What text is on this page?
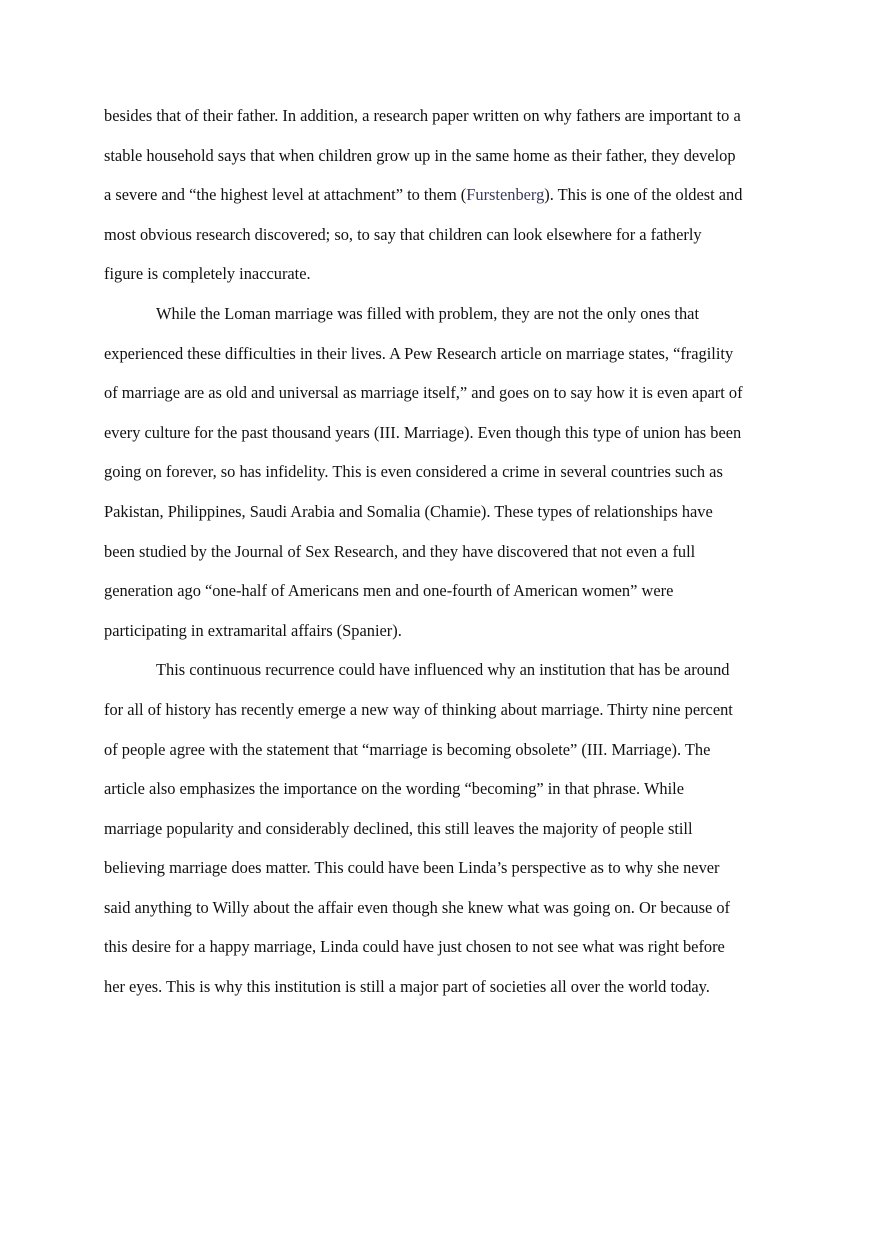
besides that of their father. In addition, a research paper written on why fathers are important to a
stable household says that when children grow up in the same home as their father, they develop
a severe and “the highest level at attachment” to them (Furstenberg). This is one of the oldest and
most obvious research discovered; so, to say that children can look elsewhere for a fatherly
figure is completely inaccurate.

While the Loman marriage was filled with problem, they are not the only ones that
experienced these difficulties in their lives. A Pew Research article on marriage states, “fragility
of marriage are as old and universal as marriage itself,” and goes on to say how it is even apart of
every culture for the past thousand years (III. Marriage). Even though this type of union has been
going on forever, so has infidelity. This is even considered a crime in several countries such as
Pakistan, Philippines, Saudi Arabia and Somalia (Chamie). These types of relationships have
been studied by the Journal of Sex Research, and they have discovered that not even a full
generation ago “one-half of Americans men and one-fourth of American women” were
participating in extramarital affairs (Spanier).

This continuous recurrence could have influenced why an institution that has be around
for all of history has recently emerge a new way of thinking about marriage. Thirty nine percent
of people agree with the statement that “marriage is becoming obsolete” (III. Marriage). The
article also emphasizes the importance on the wording “becoming” in that phrase. While
marriage popularity and considerably declined, this still leaves the majority of people still
believing marriage does matter. This could have been Linda’s perspective as to why she never
said anything to Willy about the affair even though she knew what was going on. Or because of
this desire for a happy marriage, Linda could have just chosen to not see what was right before
her eyes. This is why this institution is still a major part of societies all over the world today.
